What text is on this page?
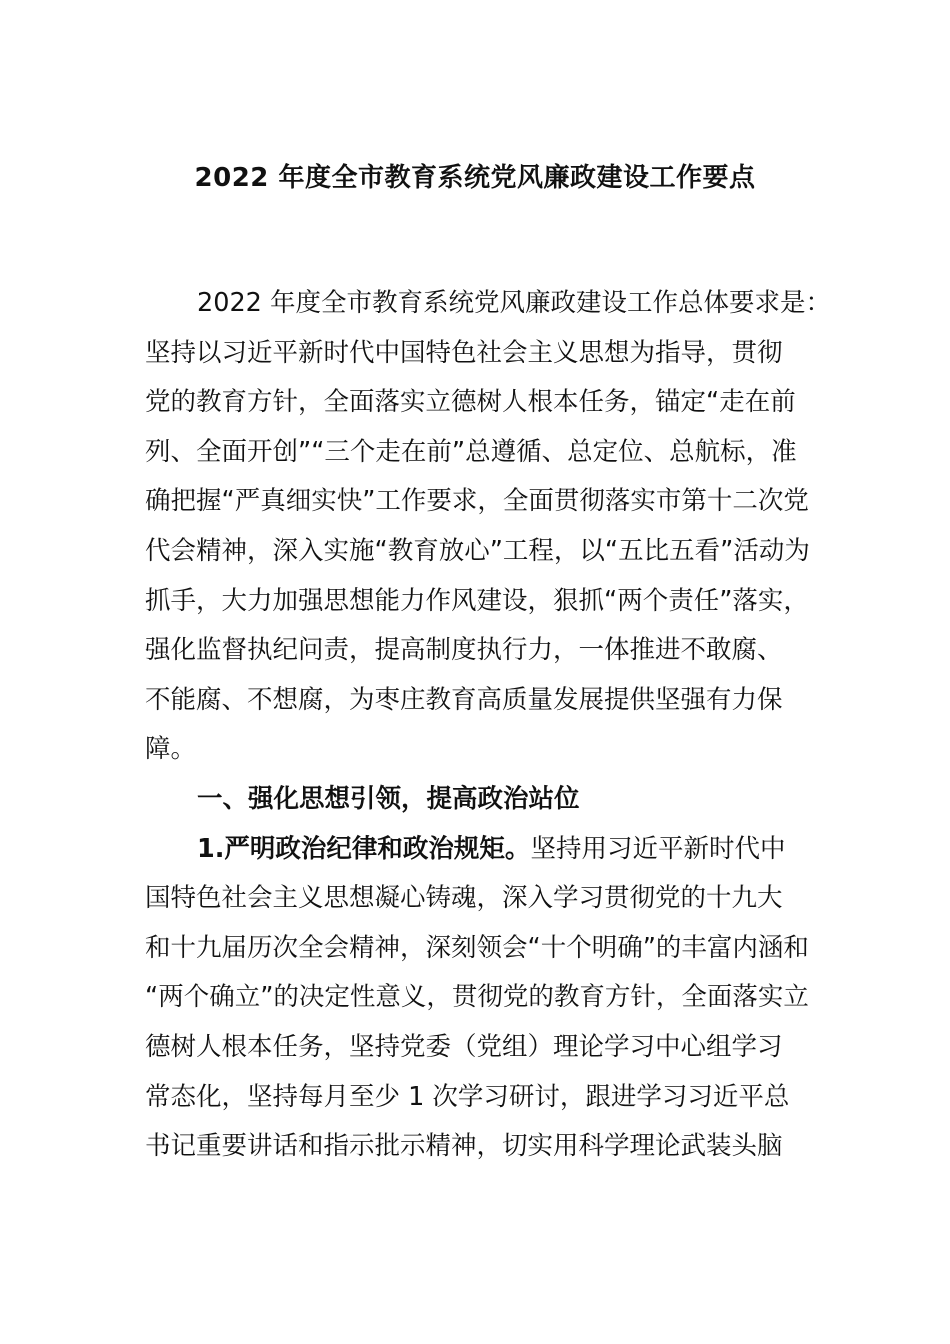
2022 年度全市教育系统党风廉政建设工作要点
2022 年度全市教育系统党风廉政建设工作总体要求是：
坚持以习近平新时代中国特色社会主义思想为指导，贯彻
党的教育方针，全面落实立德树人根本任务，锚定“走在前
列、全面开创”“三个走在前”总遵循、总定位、总航标，准
确把握“严真细实快”工作要求，全面贯彻落实市第十二次党
代会精神，深入实施“教育放心”工程，以“五比五看”活动为
抓手，大力加强思想能力作风建设，狠抓“两个责任”落实，
强化监督执纪问责，提高制度执行力，一体推进不敢腐、
不能腐、不想腐，为枣庄教育高质量发展提供坚强有力保
障。
一、强化思想引领，提高政治站位
1.严明政治纪律和政治规矩。坚持用习近平新时代中
国特色社会主义思想凝心铸魂，深入学习贯彻党的十九大
和十九届历次全会精神，深刻领会“十个明确”的丰富内涵和
“两个确立”的决定性意义，贯彻党的教育方针，全面落实立
德树人根本任务，坚持党委（党组）理论学习中心组学习
常态化，坚持每月至少 1 次学习研讨，跟进学习习近平总
书记重要讲话和指示批示精神，切实用科学理论武装头脑
